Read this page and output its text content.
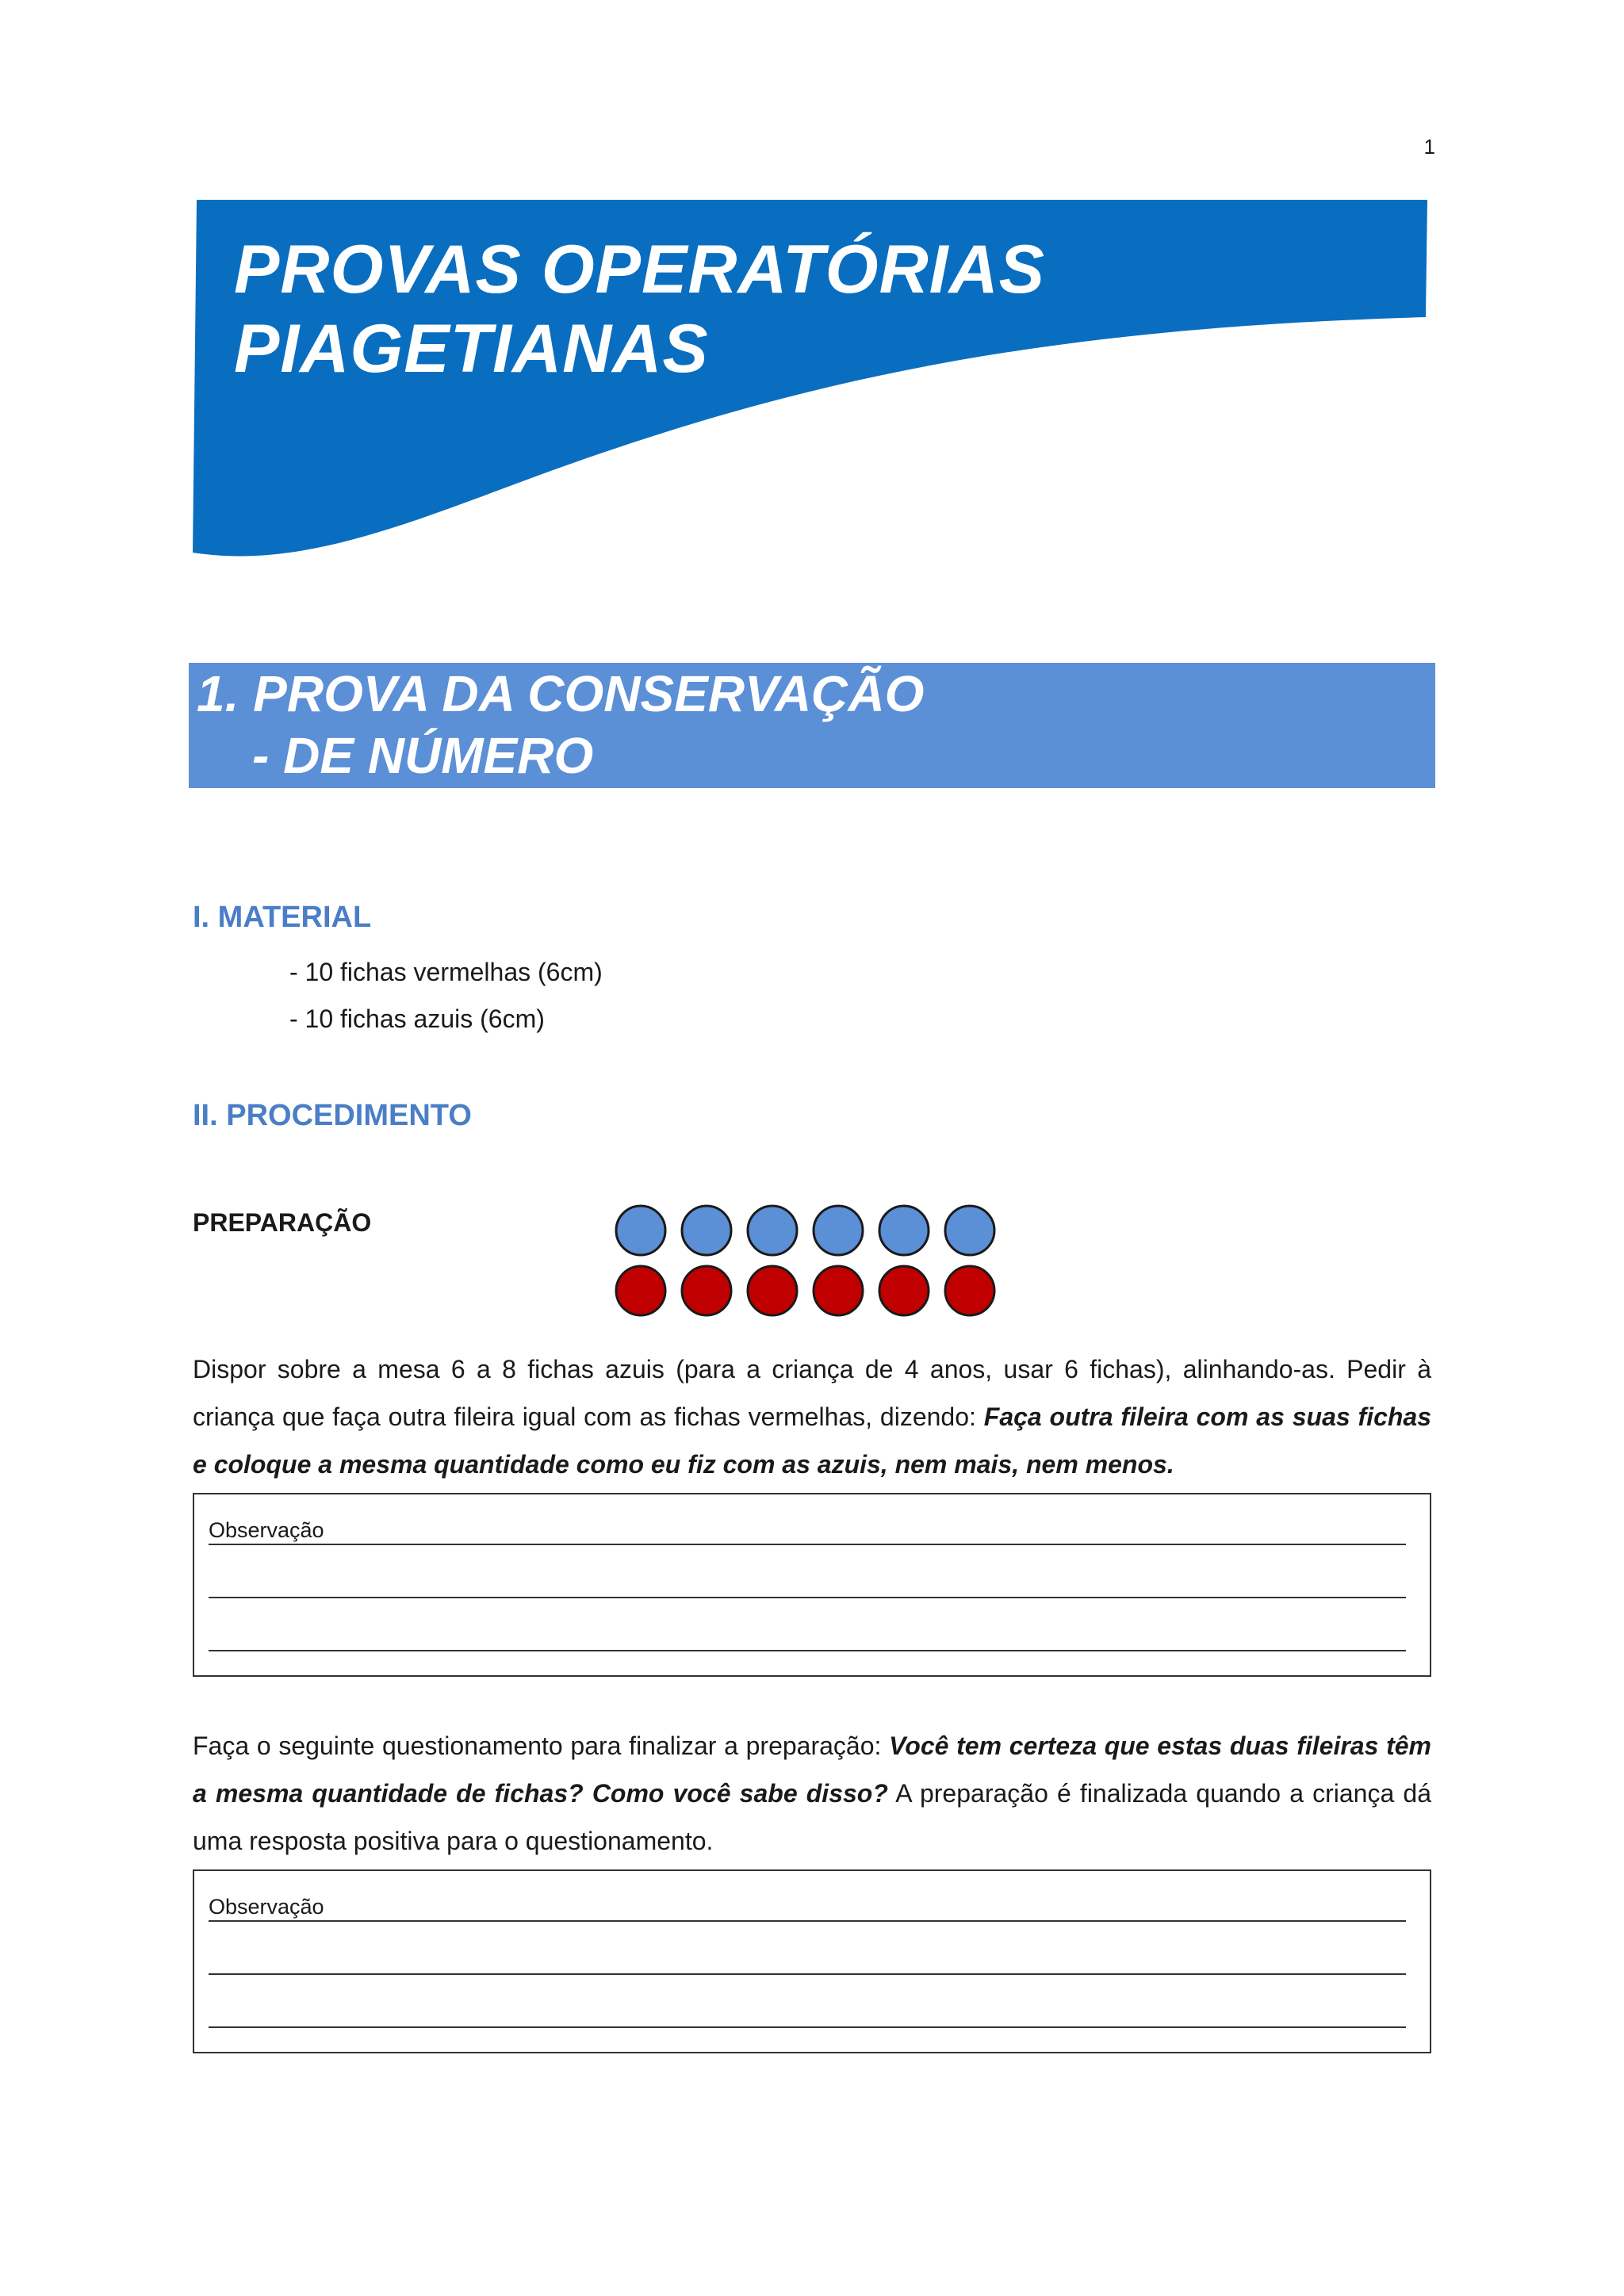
1
PROVAS OPERATÓRIAS
PIAGETIANAS
1. PROVA DA CONSERVAÇÃO
- DE NÚMERO
I. MATERIAL
- 10 fichas vermelhas (6cm)
- 10 fichas azuis (6cm)
II. PROCEDIMENTO
PREPARAÇÃO
Dispor sobre a mesa 6 a 8 fichas azuis (para a criança de 4 anos, usar 6 fichas), alinhando-as. Pedir à criança que faça outra fileira igual com as fichas vermelhas, dizendo: Faça outra fileira com as suas fichas e coloque a mesma quantidade como eu fiz com as azuis, nem mais, nem menos.
Observação
Faça o seguinte questionamento para finalizar a preparação: Você tem certeza que estas duas fileiras têm a mesma quantidade de fichas? Como você sabe disso? A preparação é finalizada quando a criança dá uma resposta positiva para o questionamento.
Observação
